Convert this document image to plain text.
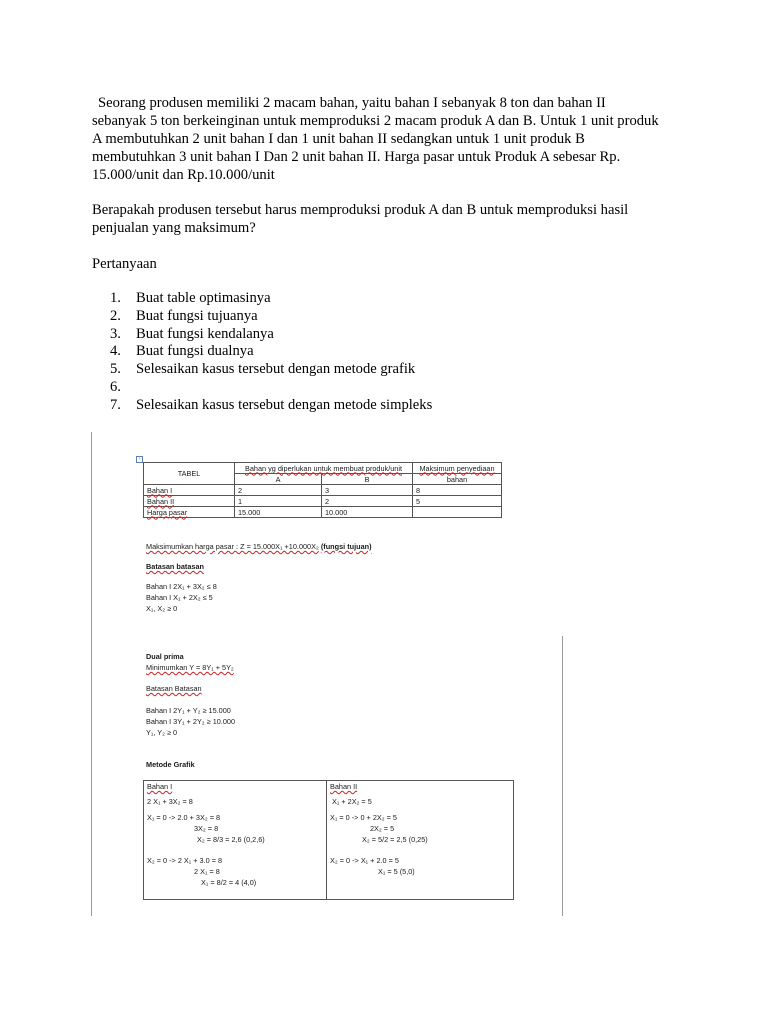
Seorang produsen memiliki 2 macam bahan, yaitu bahan I sebanyak 8 ton dan bahan II
sebanyak 5 ton berkeinginan untuk memproduksi 2 macam produk A dan B. Untuk 1 unit produk
A membutuhkan 2 unit bahan I dan 1 unit bahan II sedangkan untuk 1 unit produk B
membutuhkan 3 unit bahan I Dan 2 unit bahan II. Harga pasar untuk Produk A sebesar Rp.
15.000/unit dan Rp.10.000/unit

Berapakah produsen tersebut harus memproduksi produk A dan B untuk memproduksi hasil
penjualan yang maksimum?

Pertanyaan

1. Buat table optimasinya
2. Buat fungsi tujuanya
3. Buat fungsi kendalanya
4. Buat fungsi dualnya
5. Selesaikan kasus tersebut dengan metode grafik
6.
7. Selesaikan kasus tersebut dengan metode simpleks
+
TABEL	Bahan yg diperlukan untuk membuat produk/unit		Maksimum penyediaan
	A	B	bahan
Bahan I	2	3	8
Bahan II	1	2	5
Harga pasar	15.000	10.000	
Maksimumkan harga pasar : Z = 15.000X₁ +10.000X₂ (fungsi tujuan)
Batasan batasan
Bahan I 2X₁ + 3X₂ ≤ 8
Bahan I X₁ + 2X₂ ≤ 5
X₁, X₂ ≥ 0
Dual prima
Minimumkan Y = 8Y₁ + 5Y₂
Batasan Batasan
Bahan I 2Y₁ + Y₂ ≥ 15.000
Bahan I 3Y₁ + 2Y₂ ≥ 10.000
Y₁, Y₂ ≥ 0
Metode Grafik
Bahan I
2 X₁ + 3X₂ = 8
X₁ = 0 -> 2.0 + 3X₂ = 8
3X₂ = 8
X₂ = 8/3 = 2,6 (0,2,6)
X₂ = 0 -> 2 X₁ + 3.0 = 8
2 X₁ = 8
X₁ = 8/2 = 4 (4,0)
Bahan II
X₁ + 2X₂ = 5
X₁ = 0 -> 0 + 2X₂ = 5
2X₂ = 5
X₂ = 5/2 = 2,5 (0,25)
X₂ = 0 -> X₁ + 2.0 = 5
X₁ = 5 (5,0)
